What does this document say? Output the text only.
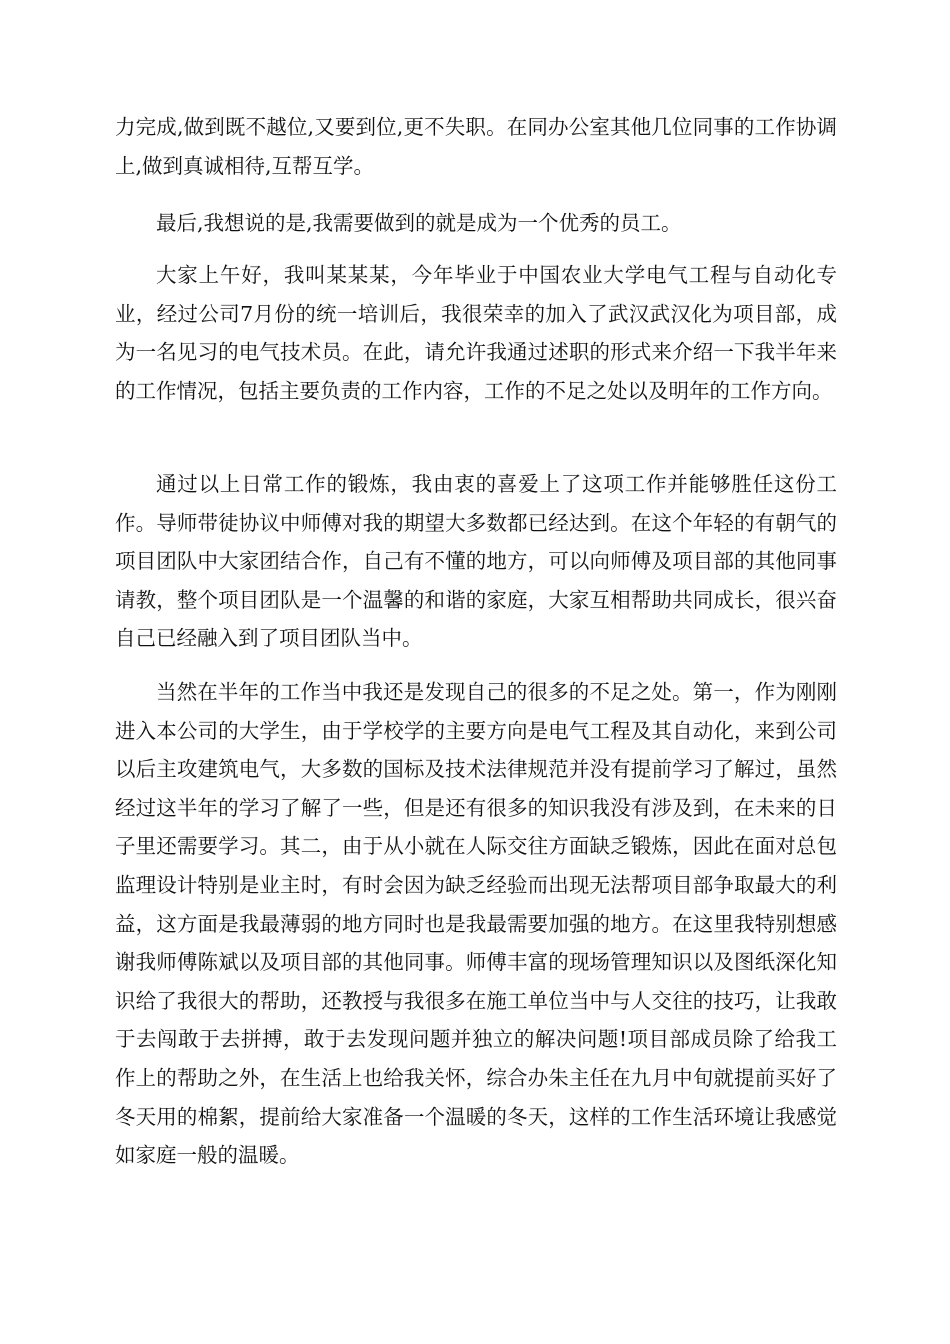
力完成,做到既不越位,又要到位,更不失职。在同办公室其他几位同事的工作协调上,做到真诚相待,互帮互学。

最后,我想说的是,我需要做到的就是成为一个优秀的员工。

大家上午好，我叫某某某，今年毕业于中国农业大学电气工程与自动化专业，经过公司7月份的统一培训后，我很荣幸的加入了武汉武汉化为项目部，成为一名见习的电气技术员。在此，请允许我通过述职的形式来介绍一下我半年来的工作情况，包括主要负责的工作内容，工作的不足之处以及明年的工作方向。

通过以上日常工作的锻炼，我由衷的喜爱上了这项工作并能够胜任这份工作。导师带徒协议中师傅对我的期望大多数都已经达到。在这个年轻的有朝气的项目团队中大家团结合作，自己有不懂的地方，可以向师傅及项目部的其他同事请教，整个项目团队是一个温馨的和谐的家庭，大家互相帮助共同成长，很兴奋自己已经融入到了项目团队当中。

当然在半年的工作当中我还是发现自己的很多的不足之处。第一，作为刚刚进入本公司的大学生，由于学校学的主要方向是电气工程及其自动化，来到公司以后主攻建筑电气，大多数的国标及技术法律规范并没有提前学习了解过，虽然经过这半年的学习了解了一些，但是还有很多的知识我没有涉及到，在未来的日子里还需要学习。其二，由于从小就在人际交往方面缺乏锻炼，因此在面对总包监理设计特别是业主时，有时会因为缺乏经验而出现无法帮项目部争取最大的利益，这方面是我最薄弱的地方同时也是我最需要加强的地方。在这里我特别想感谢我师傅陈斌以及项目部的其他同事。师傅丰富的现场管理知识以及图纸深化知识给了我很大的帮助，还教授与我很多在施工单位当中与人交往的技巧，让我敢于去闯敢于去拼搏，敢于去发现问题并独立的解决问题!项目部成员除了给我工作上的帮助之外，在生活上也给我关怀，综合办朱主任在九月中旬就提前买好了冬天用的棉絮，提前给大家准备一个温暖的冬天，这样的工作生活环境让我感觉如家庭一般的温暖。
